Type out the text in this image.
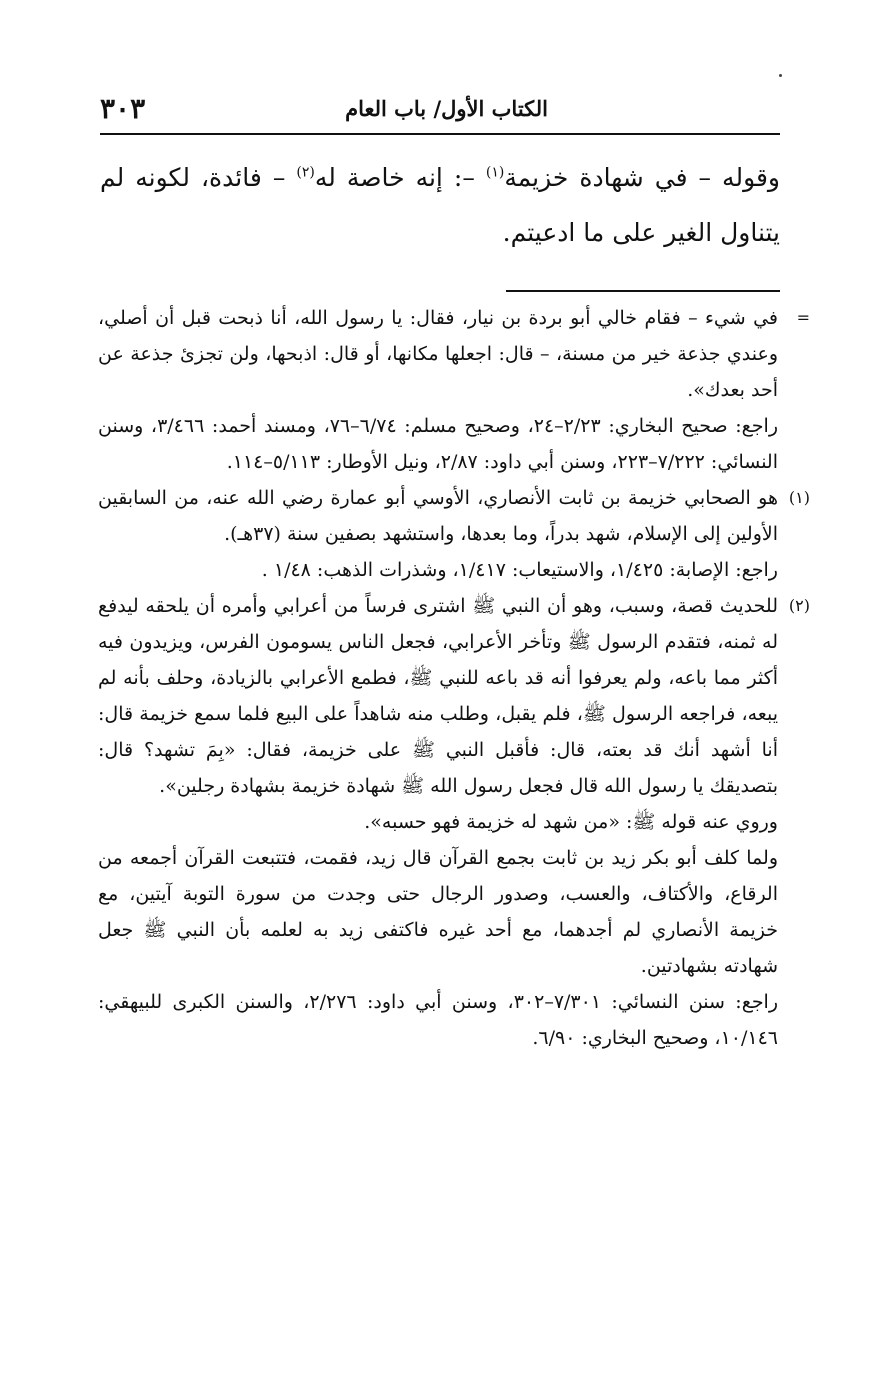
الكتاب الأول/ باب العام
٣٠٣

وقوله – في شهادة خزيمة$^{(١)}$ –: إنه خاصة له$^{(٢)}$ – فائدة، لكونه لم يتناول الغير على ما ادعيتم.

=

في شيء – فقام خالي أبو بردة بن نيار، فقال: يا رسول الله، أنا ذبحت قبل أن أصلي، وعندي جذعة خير من مسنة، – قال: اجعلها مكانها، أو قال: اذبحها، ولن تجزئ جذعة عن أحد بعدك».

راجع: صحيح البخاري: ٢/٢٣–٢٤، وصحيح مسلم: ٦/٧٤–٧٦، ومسند أحمد: ٣/٤٦٦، وسنن النسائي: ٧/٢٢٢–٢٢٣، وسنن أبي داود: ٢/٨٧، ونيل الأوطار: ٥/١١٣–١١٤.

(١)

هو الصحابي خزيمة بن ثابت الأنصاري، الأوسي أبو عمارة رضي الله عنه، من السابقين الأولين إلى الإسلام، شهد بدراً، وما بعدها، واستشهد بصفين سنة (٣٧هـ).

راجع: الإصابة: ١/٤٢٥، والاستيعاب: ١/٤١٧، وشذرات الذهب: ١/٤٨ .

(٢)

للحديث قصة، وسبب، وهو أن النبي ﷺ اشترى فرساً من أعرابي وأمره أن يلحقه ليدفع له ثمنه، فتقدم الرسول ﷺ وتأخر الأعرابي، فجعل الناس يسومون الفرس، ويزيدون فيه أكثر مما باعه، ولم يعرفوا أنه قد باعه للنبي ﷺ، فطمع الأعرابي بالزيادة، وحلف بأنه لم يبعه، فراجعه الرسول ﷺ، فلم يقبل، وطلب منه شاهداً على البيع فلما سمع خزيمة قال: أنا أشهد أنك قد بعته، قال: فأقبل النبي ﷺ على خزيمة، فقال: «بِمَ تشهد؟ قال: بتصديقك يا رسول الله قال فجعل رسول الله ﷺ شهادة خزيمة بشهادة رجلين».

وروي عنه قوله ﷺ: «من شهد له خزيمة فهو حسبه».

ولما كلف أبو بكر زيد بن ثابت بجمع القرآن قال زيد، فقمت، فتتبعت القرآن أجمعه من الرقاع، والأكتاف، والعسب، وصدور الرجال حتى وجدت من سورة التوبة آيتين، مع خزيمة الأنصاري لم أجدهما، مع أحد غيره فاكتفى زيد به لعلمه بأن النبي ﷺ جعل شهادته بشهادتين.

راجع: سنن النسائي: ٧/٣٠١–٣٠٢، وسنن أبي داود: ٢/٢٧٦، والسنن الكبرى للبيهقي: ١٠/١٤٦، وصحيح البخاري: ٦/٩٠.
